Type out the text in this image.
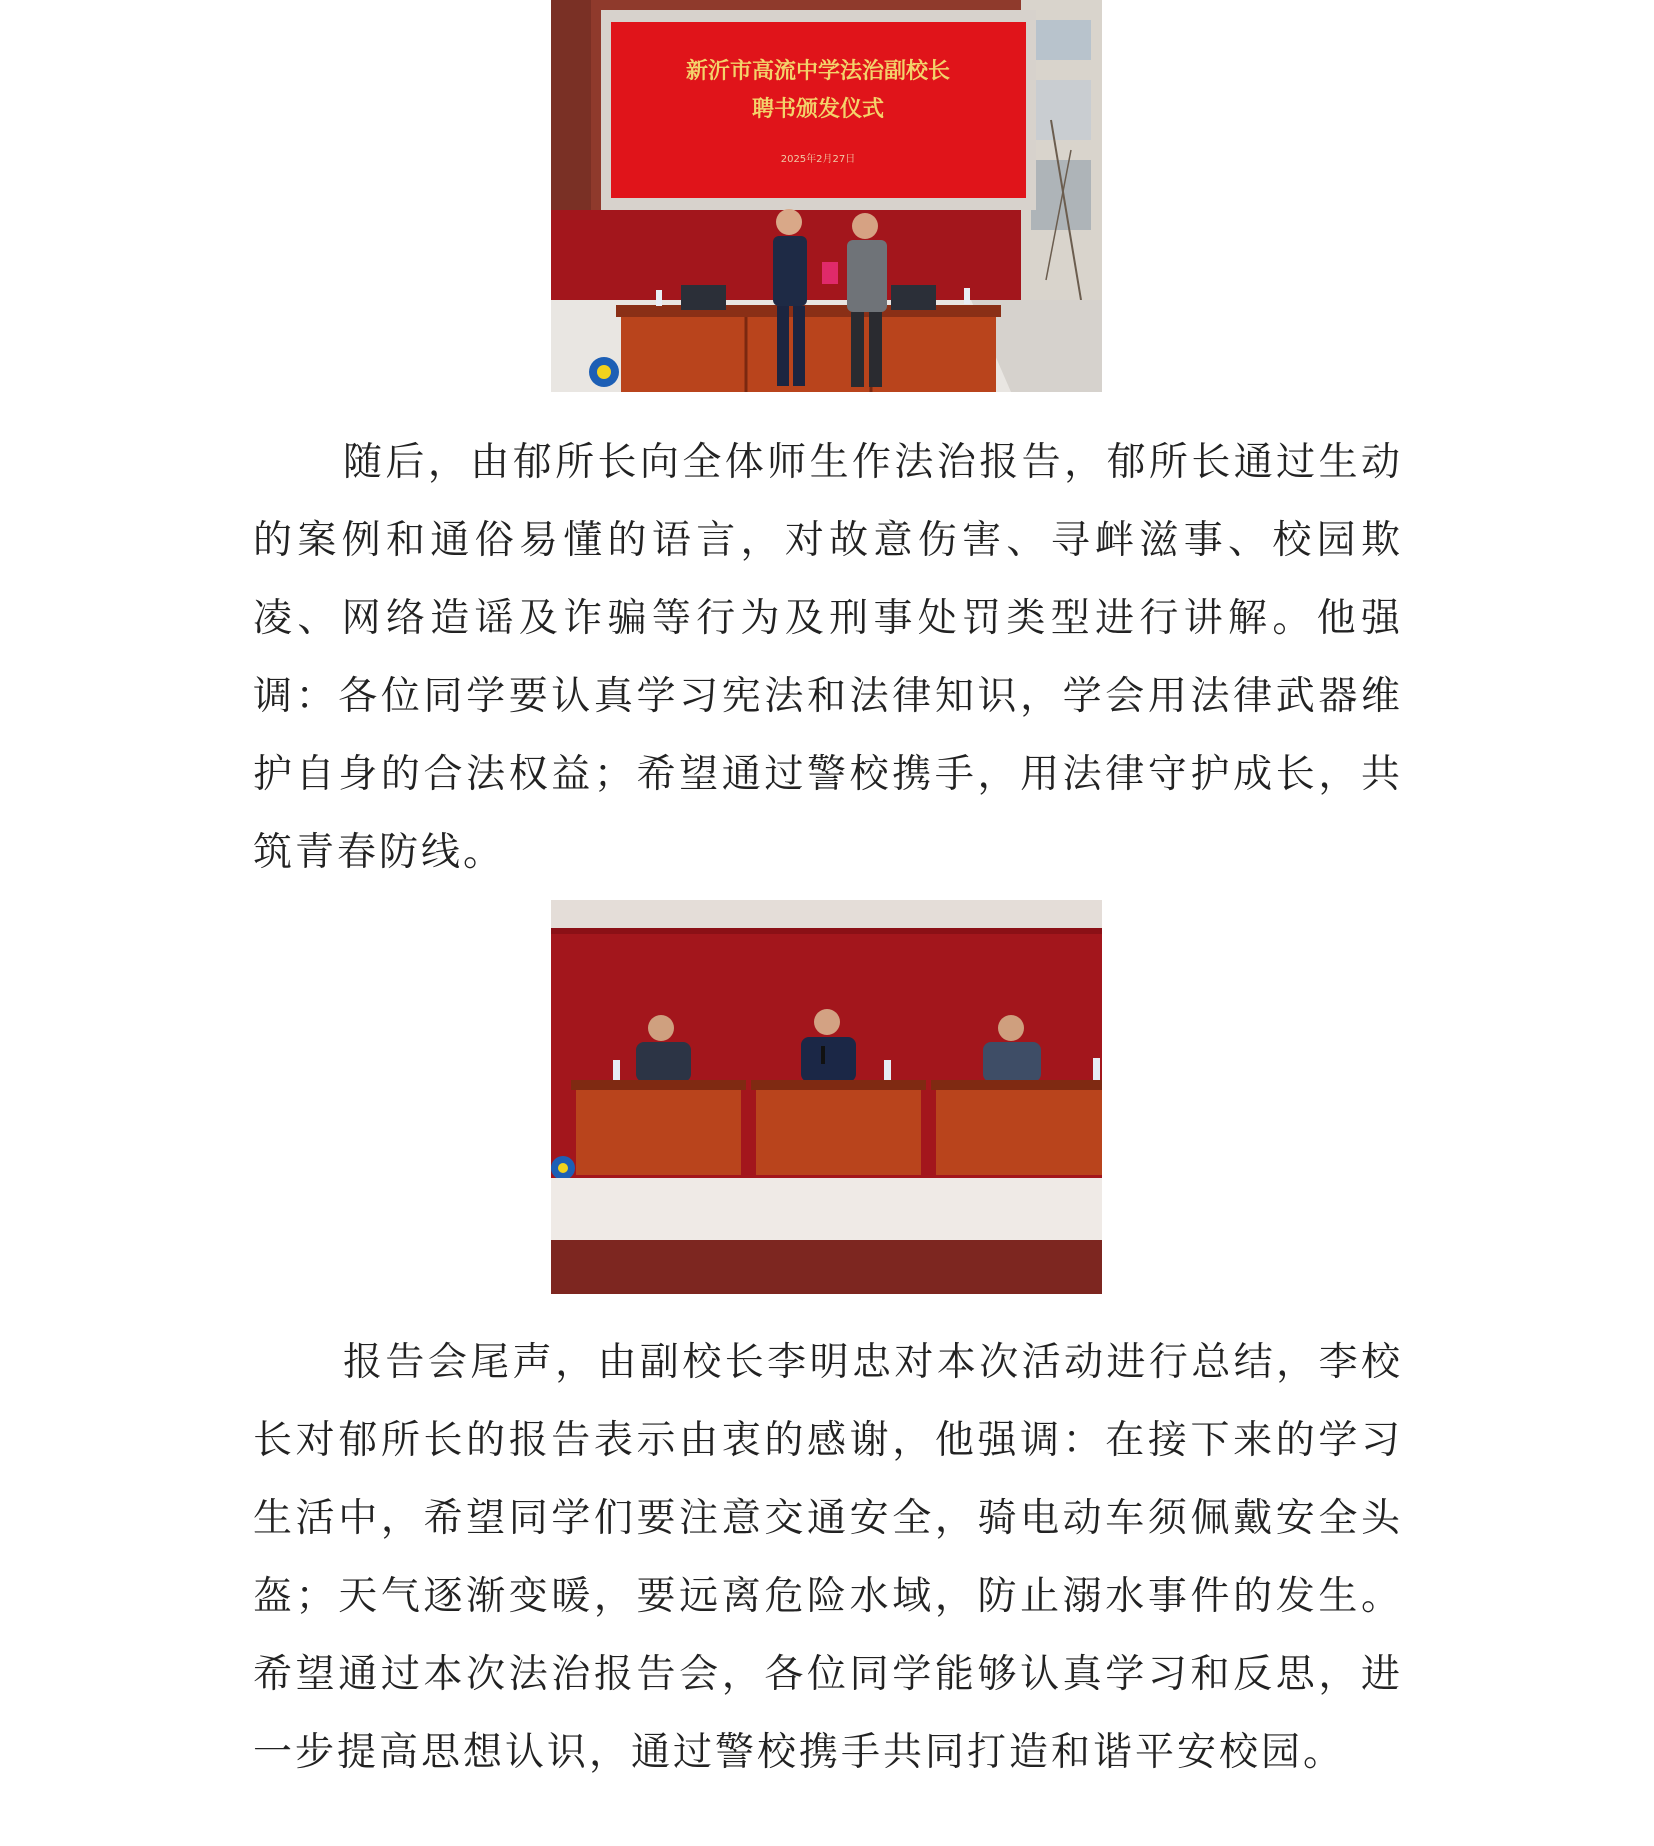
新沂市高流中学法治副校长
聘书颁发仪式
2025年2月27日

随后，由郁所长向全体师生作法治报告，郁所长通过生动的案例和通俗易懂的语言，对故意伤害、寻衅滋事、校园欺凌、网络造谣及诈骗等行为及刑事处罚类型进行讲解。他强调：各位同学要认真学习宪法和法律知识，学会用法律武器维护自身的合法权益；希望通过警校携手，用法律守护成长，共筑青春防线。

报告会尾声，由副校长李明忠对本次活动进行总结，李校长对郁所长的报告表示由衷的感谢，他强调：在接下来的学习生活中，希望同学们要注意交通安全，骑电动车须佩戴安全头盔；天气逐渐变暖，要远离危险水域，防止溺水事件的发生。希望通过本次法治报告会，各位同学能够认真学习和反思，进一步提高思想认识，通过警校携手共同打造和谐平安校园。
